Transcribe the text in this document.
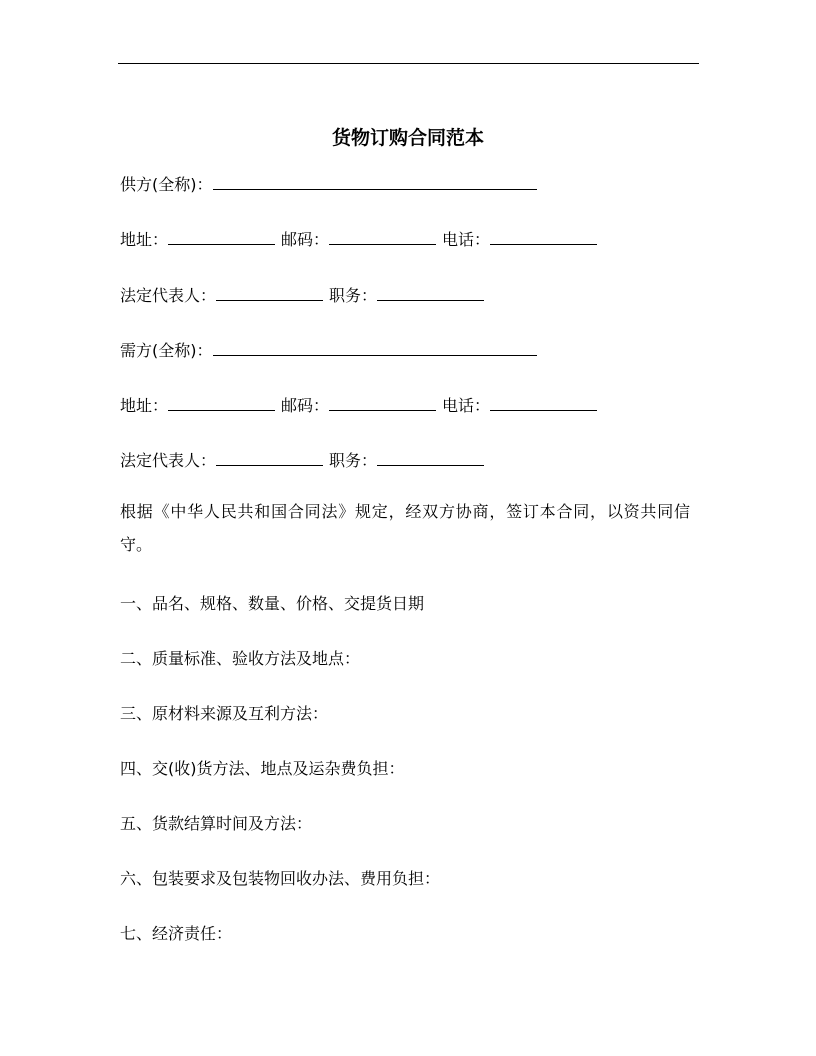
货物订购合同范本
供方(全称)：
地址：	邮码：	电话：
法定代表人：	职务：
需方(全称)：
地址：	邮码：	电话：
法定代表人：	职务：
根据《中华人民共和国合同法》规定，经双方协商，签订本合同，以资共同信守。
一、品名、规格、数量、价格、交提货日期
二、质量标准、验收方法及地点：
三、原材料来源及互利方法：
四、交(收)货方法、地点及运杂费负担：
五、货款结算时间及方法：
六、包装要求及包装物回收办法、费用负担：
七、经济责任：
